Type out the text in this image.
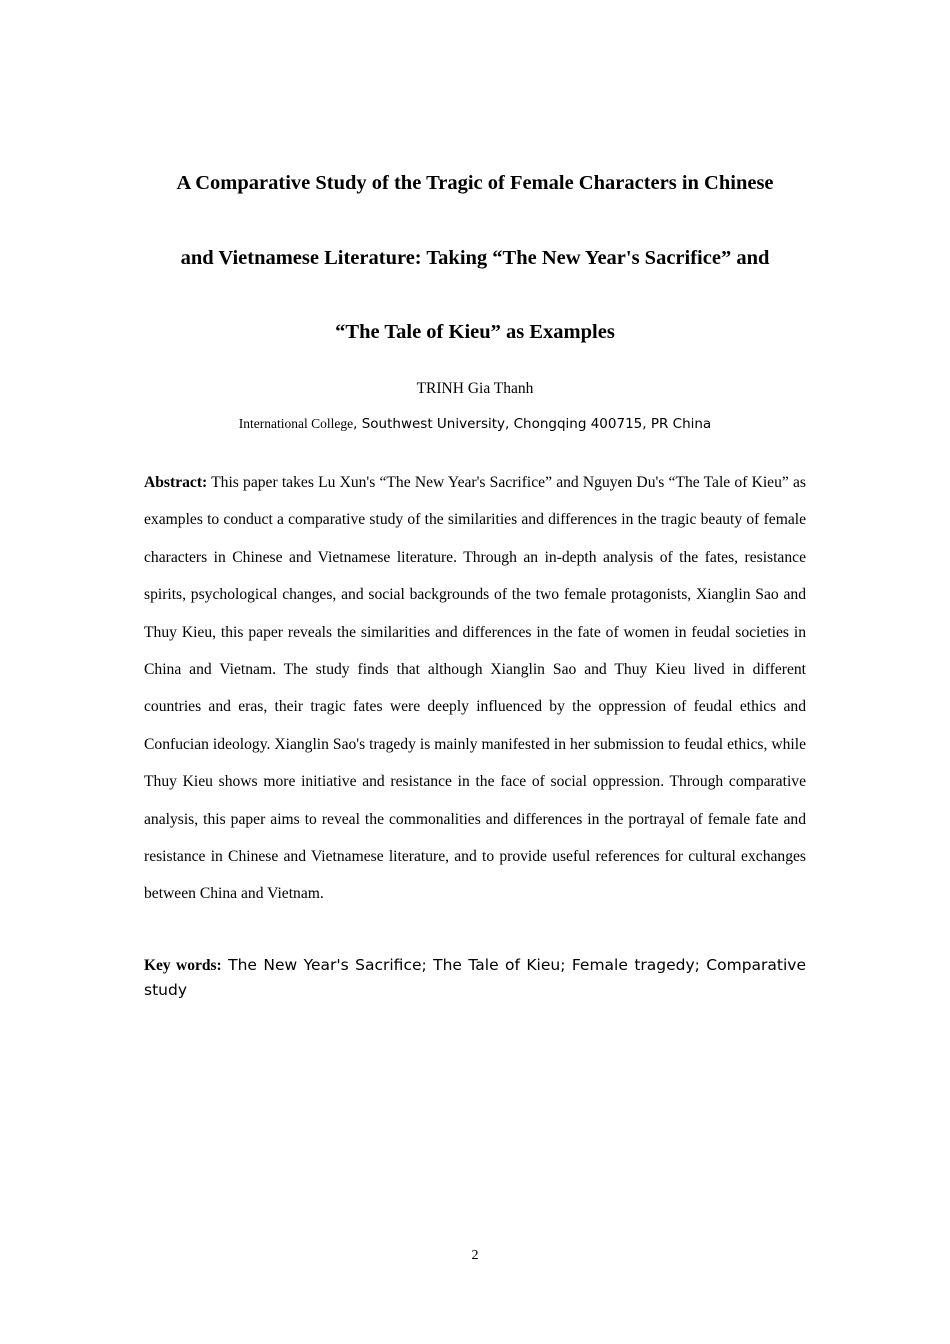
A Comparative Study of the Tragic of Female Characters in Chinese
and Vietnamese Literature: Taking “The New Year's Sacrifice” and
“The Tale of Kieu” as Examples
TRINH Gia Thanh
International College, Southwest University, Chongqing 400715, PR China

Abstract: This paper takes Lu Xun's “The New Year's Sacrifice” and Nguyen Du's “The Tale of Kieu” as examples to conduct a comparative study of the similarities and differences in the tragic beauty of female characters in Chinese and Vietnamese literature. Through an in-depth analysis of the fates, resistance spirits, psychological changes, and social backgrounds of the two female protagonists, Xianglin Sao and Thuy Kieu, this paper reveals the similarities and differences in the fate of women in feudal societies in China and Vietnam. The study finds that although Xianglin Sao and Thuy Kieu lived in different countries and eras, their tragic fates were deeply influenced by the oppression of feudal ethics and Confucian ideology. Xianglin Sao's tragedy is mainly manifested in her submission to feudal ethics, while Thuy Kieu shows more initiative and resistance in the face of social oppression. Through comparative analysis, this paper aims to reveal the commonalities and differences in the portrayal of female fate and resistance in Chinese and Vietnamese literature, and to provide useful references for cultural exchanges between China and Vietnam.

Key words: The New Year's Sacrifice; The Tale of Kieu; Female tragedy; Comparative study

2
